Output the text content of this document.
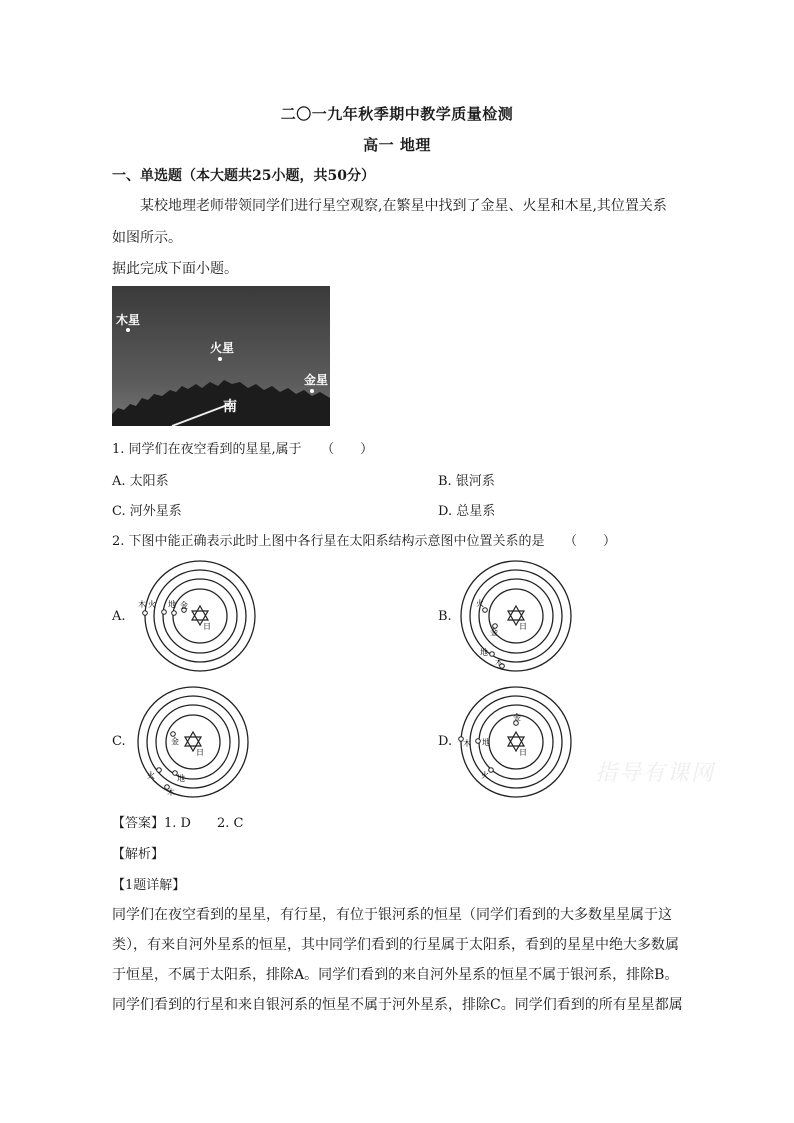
二〇一九年秋季期中教学质量检测
高一 地理
一、单选题（本大题共25小题，共50分）
某校地理老师带领同学们进行星空观察,在繁星中找到了金星、火星和木星,其位置关系
如图所示。
据此完成下面小题。
木星
火星
金星
南
1. 同学们在夜空看到的星星,属于　　（　　）
A. 太阳系	B. 银河系
C. 河外星系	D. 总星系
2. 下图中能正确表示此时上图中各行星在太阳系结构示意图中位置关系的是　　（　　）
A.	B.
C.	D.
日
金
地
火
木
日
金
火
地
木
日
金
火	地
木
日
金
地
木
火	指导有课网
【答案】1. D　　2. C
【解析】
【1题详解】
同学们在夜空看到的星星，有行星，有位于银河系的恒星（同学们看到的大多数星星属于这
类），有来自河外星系的恒星，其中同学们看到的行星属于太阳系，看到的星星中绝大多数属
于恒星，不属于太阳系，排除A。同学们看到的来自河外星系的恒星不属于银河系，排除B。
同学们看到的行星和来自银河系的恒星不属于河外星系，排除C。同学们看到的所有星星都属
